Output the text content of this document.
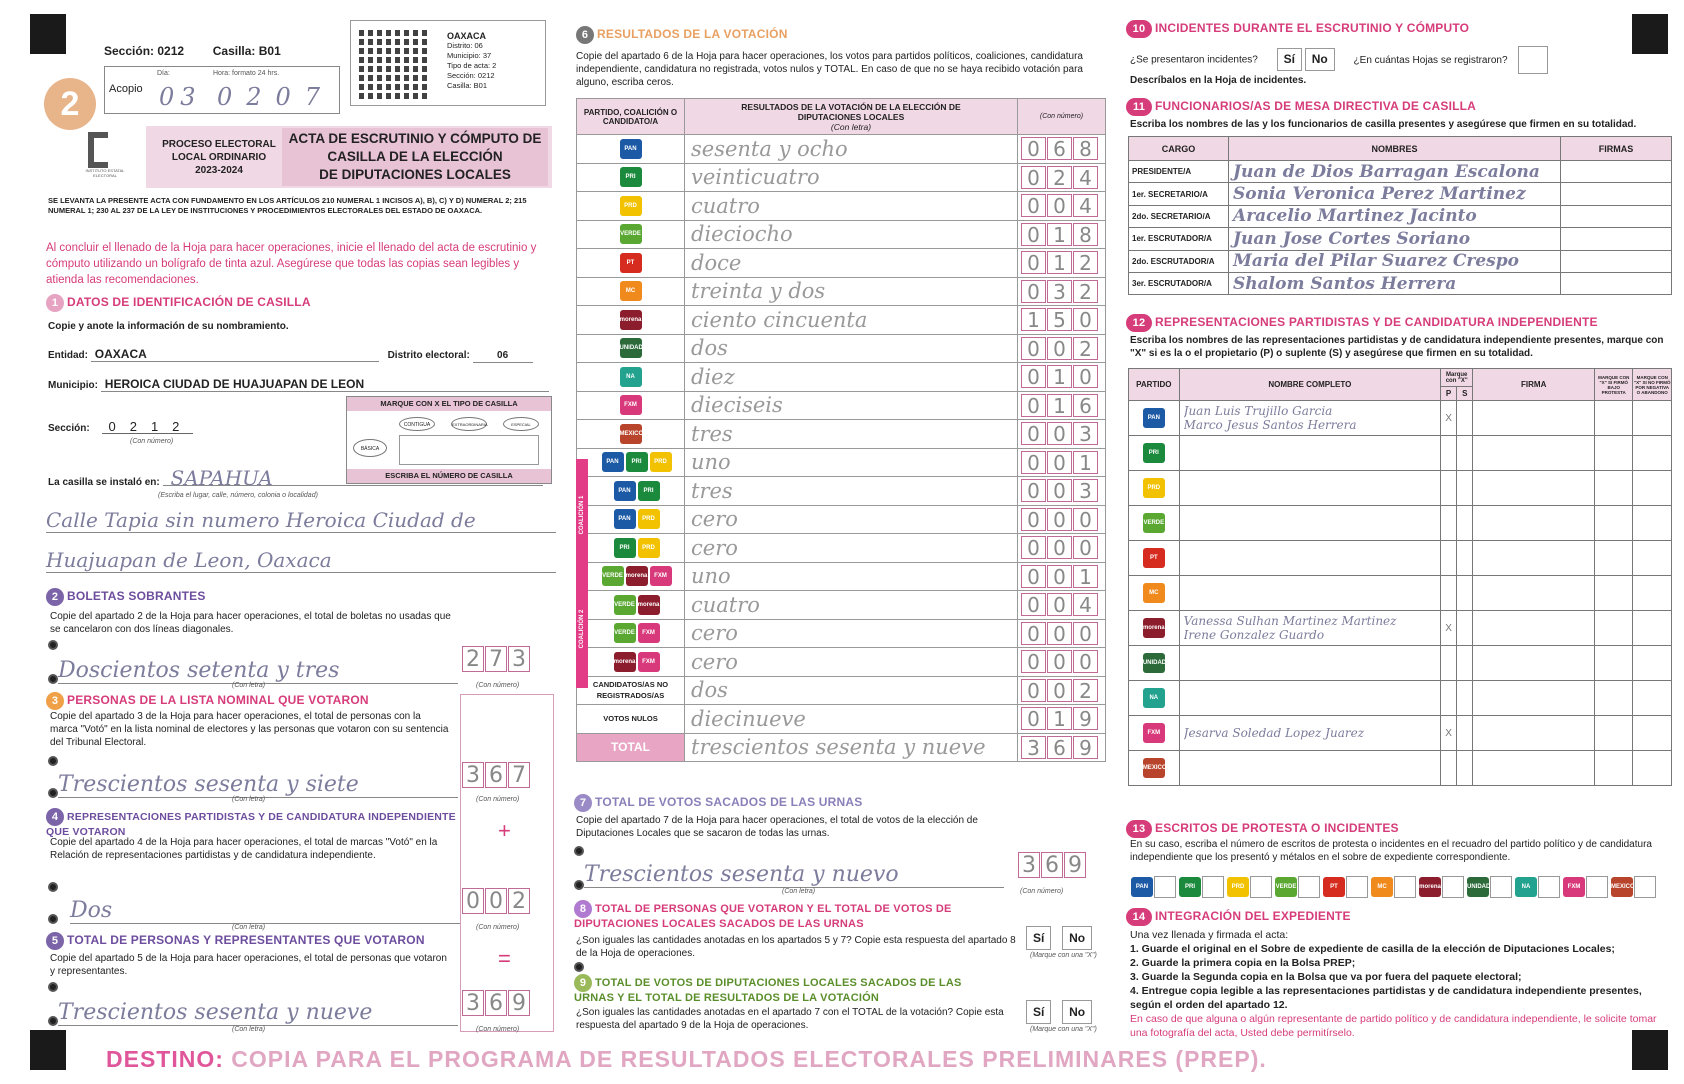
Sección: 0212 Casilla: B01
Acopio
Día:	Hora: formato 24 hrs.
03 0207
OAXACA
Distrito: 06
Municipio: 37
Tipo de acta: 2
Sección: 0212
Casilla: B01
2
INSTITUTO ESTATAL ELECTORAL
PROCESO ELECTORAL
LOCAL ORDINARIO
2023-2024
ACTA DE ESCRUTINIO Y CÓMPUTO DE
CASILLA DE LA ELECCIÓN
DE DIPUTACIONES LOCALES
SE LEVANTA LA PRESENTE ACTA CON FUNDAMENTO EN LOS ARTÍCULOS 210 NUMERAL 1 INCISOS A), B), C) Y D) NUMERAL 2; 215 NUMERAL 1; 230 AL 237 DE LA LEY DE INSTITUCIONES Y PROCEDIMIENTOS ELECTORALES DEL ESTADO DE OAXACA.
Al concluir el llenado de la Hoja para hacer operaciones, inicie el llenado del acta de escrutinio y cómputo utilizando un bolígrafo de tinta azul. Asegúrese que todas las copias sean legibles y atienda las recomendaciones.
1 DATOS DE IDENTIFICACIÓN DE CASILLA
Copie y anote la información de su nombramiento.
Entidad: OAXACA	Distrito electoral:	06
Municipio: HEROICA CIUDAD DE HUAJUAPAN DE LEON
MARQUE CON X EL TIPO DE CASILLA
BÁSICA
CONTIGUA	EXTRAORDINARIA	ESPECIAL
ESCRIBA EL NÚMERO DE CASILLA
Sección: 0212
(Con número)
La casilla se instaló en: SAPAHUA
(Escriba el lugar, calle, número, colonia o localidad)
Calle Tapia sin numero Heroica Ciudad de
Huajuapan de Leon, Oaxaca
2 BOLETAS SOBRANTES
Copie del apartado 2 de la Hoja para hacer operaciones, el total de boletas no usadas que se cancelaron con dos líneas diagonales.
Doscientos setenta y tres	2 7 3
(Con letra)	(Con número)
3 PERSONAS DE LA LISTA NOMINAL QUE VOTARON
Copie del apartado 3 de la Hoja para hacer operaciones, el total de personas con la marca "Votó" en la lista nominal de electores y las personas que votaron con su sentencia del Tribunal Electoral.
Trescientos sesenta y siete	3 6 7
(Con letra)	(Con número)
4 REPRESENTACIONES PARTIDISTAS Y DE CANDIDATURA INDEPENDIENTE QUE VOTARON	+
Copie del apartado 4 de la Hoja para hacer operaciones, el total de marcas "Votó" en la Relación de representaciones partidistas y de candidatura independiente.
Dos	0 0 2
(Con letra)	(Con número)
=
5 TOTAL DE PERSONAS Y REPRESENTANTES QUE VOTARON
Copie del apartado 5 de la Hoja para hacer operaciones, el total de personas que votaron y representantes.
Trescientos sesenta y nueve	3 6 9
(Con letra)	(Con número)
6 RESULTADOS DE LA VOTACIÓN
Copie del apartado 6 de la Hoja para hacer operaciones, los votos para partidos políticos, coaliciones, candidatura independiente, candidatura no registrada, votos nulos y TOTAL. En caso de que no se haya recibido votación para alguno, escriba ceros.
PARTIDO, COALICIÓN O CANDIDATO/A	RESULTADOS DE LA VOTACIÓN DE LA ELECCIÓN DE DIPUTACIONES LOCALES
(Con letra)	(Con número)
PAN	sesenta y ocho	0 6 8
PRI	veinticuatro	0 2 4
PRD	cuatro	0 0 4
VERDE	dieciocho	0 1 8
PT	doce	0 1 2
MC	treinta y dos	0 3 2
morena	ciento cincuenta	1 5 0
UNIDAD	dos	0 0 2
NA	diez	0 1 0
FXM	dieciseis	0 1 6
MEXICO	tres	0 0 3
PAN PRI PRD	uno	0 0 1
PAN PRI	tres	0 0 3
PAN PRD	cero	0 0 0
PRI PRD	cero	0 0 0
VERDE morena FXM	uno	0 0 1
VERDE morena	cuatro	0 0 4
VERDE FXM	cero	0 0 0
morena FXM	cero	0 0 0
CANDIDATOS/AS NO REGISTRADOS/AS	dos	0 0 2
VOTOS NULOS	diecinueve	0 1 9
TOTAL	trescientos sesenta y nueve	3 6 9
COALICIÓN 1
COALICIÓN 2
7 TOTAL DE VOTOS SACADOS DE LAS URNAS
Copie del apartado 7 de la Hoja para hacer operaciones, el total de votos de la elección de Diputaciones Locales que se sacaron de todas las urnas.
Trescientos sesenta y nuevo	3 6 9
(Con letra)	(Con número)
8 TOTAL DE PERSONAS QUE VOTARON Y EL TOTAL DE VOTOS DE DIPUTACIONES LOCALES SACADOS DE LAS URNAS
¿Son iguales las cantidades anotadas en los apartados 5 y 7? Copie esta respuesta del apartado 8 de la Hoja de operaciones.
Sí No
(Marque con una "X")
9 TOTAL DE VOTOS DE DIPUTACIONES LOCALES SACADOS DE LAS URNAS Y EL TOTAL DE RESULTADOS DE LA VOTACIÓN
¿Son iguales las cantidades anotadas en el apartado 7 con el TOTAL de la votación? Copie esta respuesta del apartado 9 de la Hoja de operaciones.
Sí No
(Marque con una "X")
10 INCIDENTES DURANTE EL ESCRUTINIO Y CÓMPUTO
¿Se presentaron incidentes? Sí No	¿En cuántas Hojas se registraron?
Descríbalos en la Hoja de incidentes.
11 FUNCIONARIOS/AS DE MESA DIRECTIVA DE CASILLA
Escriba los nombres de las y los funcionarios de casilla presentes y asegúrese que firmen en su totalidad.
CARGO	NOMBRES	FIRMAS
PRESIDENTE/A	Juan de Dios Barragan Escalona	
1er. SECRETARIO/A	Sonia Veronica Perez Martinez	
2do. SECRETARIO/A	Aracelio Martinez Jacinto	
1er. ESCRUTADOR/A	Juan Jose Cortes Soriano	
2do. ESCRUTADOR/A	Maria del Pilar Suarez Crespo	
3er. ESCRUTADOR/A	Shalom Santos Herrera	
12 REPRESENTACIONES PARTIDISTAS Y DE CANDIDATURA INDEPENDIENTE
Escriba los nombres de las representaciones partidistas y de candidatura independiente presentes, marque con "X" si es la o el propietario (P) o suplente (S) y asegúrese que firmen en su totalidad.
PARTIDO	NOMBRE COMPLETO	Marque con "X"		FIRMA	MARQUE CON "X" SI FIRMÓ BAJO PROTESTA	MARQUE CON "X" SI NO FIRMÓ POR NEGATIVA O ABANDONO
		P	S			
PAN	Juan Luis Trujillo Garcia
Marco Jesus Santos Herrera	X				
PRI						
PRD						
VERDE						
PT						
MC						
morena	Vanessa Sulhan Martinez Martinez
Irene Gonzalez Guardo	X				
UNIDAD						
NA						
FXM	Jesarva Soledad Lopez Juarez	X				
MEXICO						
13 ESCRITOS DE PROTESTA O INCIDENTES
En su caso, escriba el número de escritos de protesta o incidentes en el recuadro del partido político y de candidatura independiente que los presentó y métalos en el sobre de expediente correspondiente.
PAN	PRI	PRD	VERDE	PT	MC	morena	UNIDAD	NA	FXM	MEXICO
14 INTEGRACIÓN DEL EXPEDIENTE
Una vez llenada y firmada el acta:
1. Guarde el original en el Sobre de expediente de casilla de la elección de Diputaciones Locales;
2. Guarde la primera copia en la Bolsa PREP;
3. Guarde la Segunda copia en la Bolsa que va por fuera del paquete electoral;
4. Entregue copia legible a las representaciones partidistas y de candidatura independiente presentes, según el orden del apartado 12.
En caso de que alguna o algún representante de partido político y de candidatura independiente, le solicite tomar una fotografía del acta, Usted debe permitírselo.
DESTINO: COPIA PARA EL PROGRAMA DE RESULTADOS ELECTORALES PRELIMINARES (PREP).
